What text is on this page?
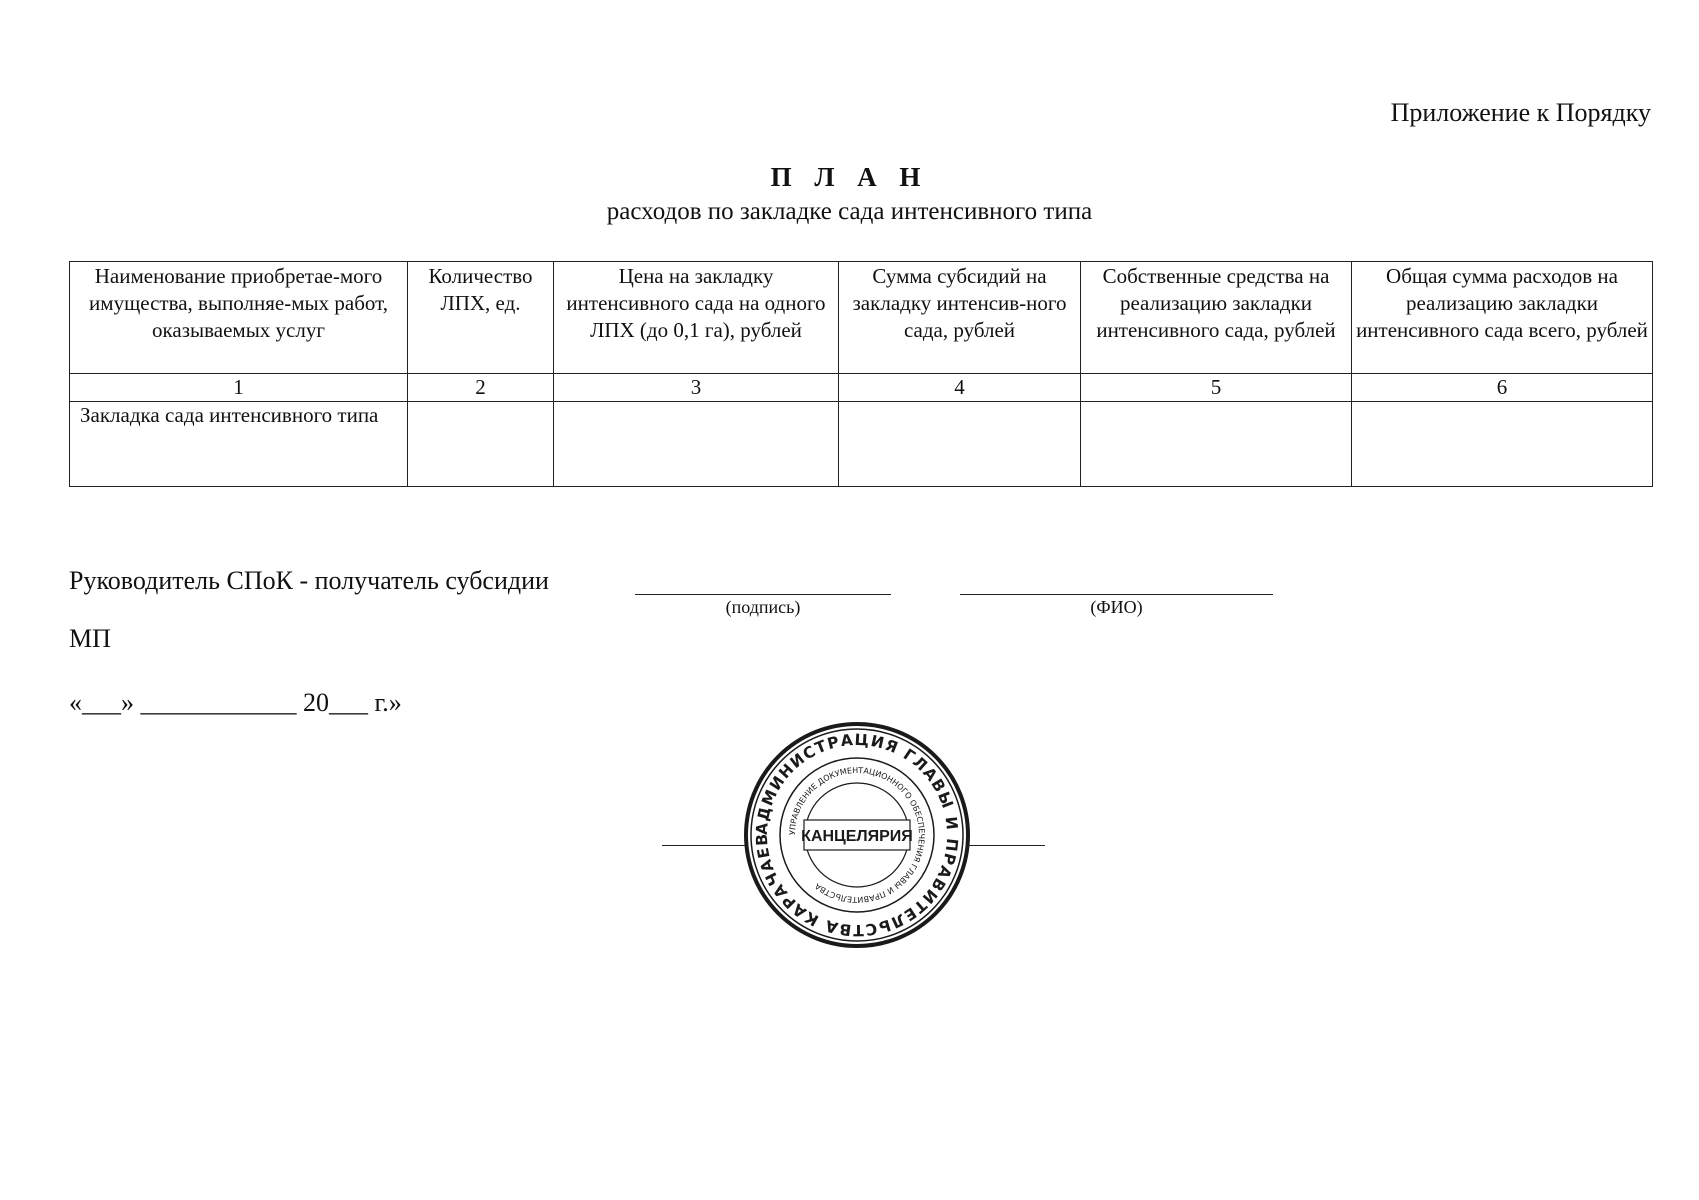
Приложение к Порядку
П Л А Н
расходов по закладке сада интенсивного типа
Наименование приобретае-мого имущества, выполняе-мых работ, оказываемых услуг	Количество ЛПХ, ед.	Цена на закладку интенсивного сада на одного ЛПХ (до 0,1 га), рублей	Сумма субсидий на закладку интенсив-ного сада, рублей	Собственные средства на реализацию закладки интенсивного сада, рублей	Общая сумма расходов на реализацию закладки интенсивного сада всего, рублей
1	2	3	4	5	6
Закладка сада интенсивного типа					
Руководитель СПоК - получатель субсидии
(подпись)	(ФИО)
МП
«___» ____________ 20___ г.»
АДМИНИСТРАЦИЯ ГЛАВЫ И ПРАВИТЕЛЬСТВА КАРАЧАЕВ	УПРАВЛЕНИЕ ДОКУМЕНТАЦИОННОГО ОБЕСПЕЧЕНИЯ ГЛАВЫ И ПРАВИТЕЛЬСТВА
КАНЦЕЛЯРИЯ
